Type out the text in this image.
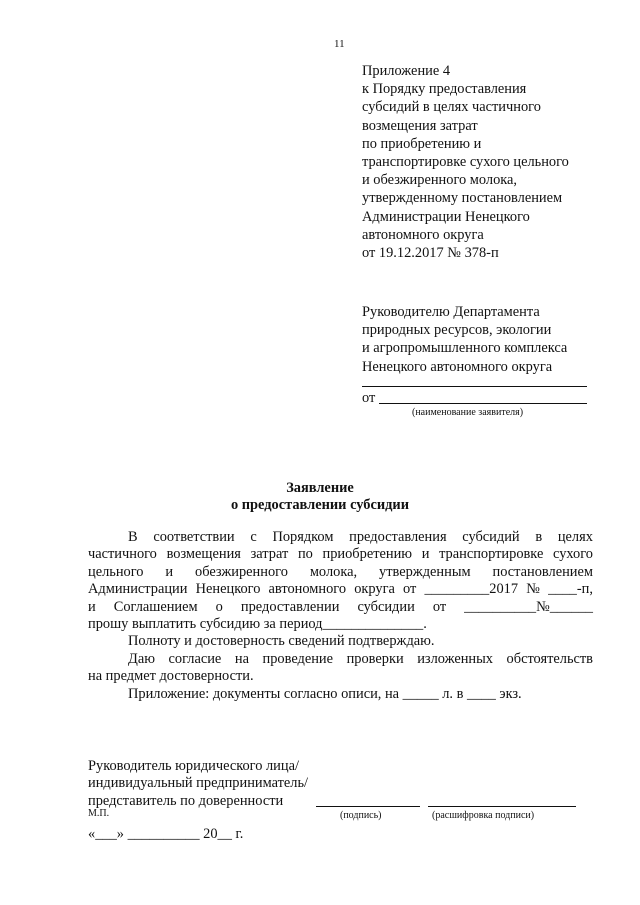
11
Приложение 4
к Порядку предоставления
субсидий в целях частичного
возмещения затрат
по приобретению и
транспортировке сухого цельного
и обезжиренного молока,
утвержденному постановлением
Администрации Ненецкого
автономного округа
от 19.12.2017 № 378-п
Руководителю Департамента
природных ресурсов, экологии
и агропромышленного комплекса
Ненецкого автономного округа
от
(наименование заявителя)
Заявление
о предоставлении субсидии
В соответствии с Порядком предоставления субсидий в целях
частичного возмещения затрат по приобретению и транспортировке сухого
цельного и обезжиренного молока, утвержденным постановлением
Администрации Ненецкого автономного округа от _________2017 № ____-п,
и Соглашением о предоставлении субсидии от __________№______
прошу выплатить субсидию за период______________.
Полноту и достоверность сведений подтверждаю.
Даю согласие на проведение проверки изложенных обстоятельств
на предмет достоверности.
Приложение: документы согласно описи, на _____ л. в ____ экз.
Руководитель юридического лица/
индивидуальный предприниматель/
представитель по доверенности
М.П.	(подпись)	(расшифровка подписи)
«___» __________ 20__ г.
